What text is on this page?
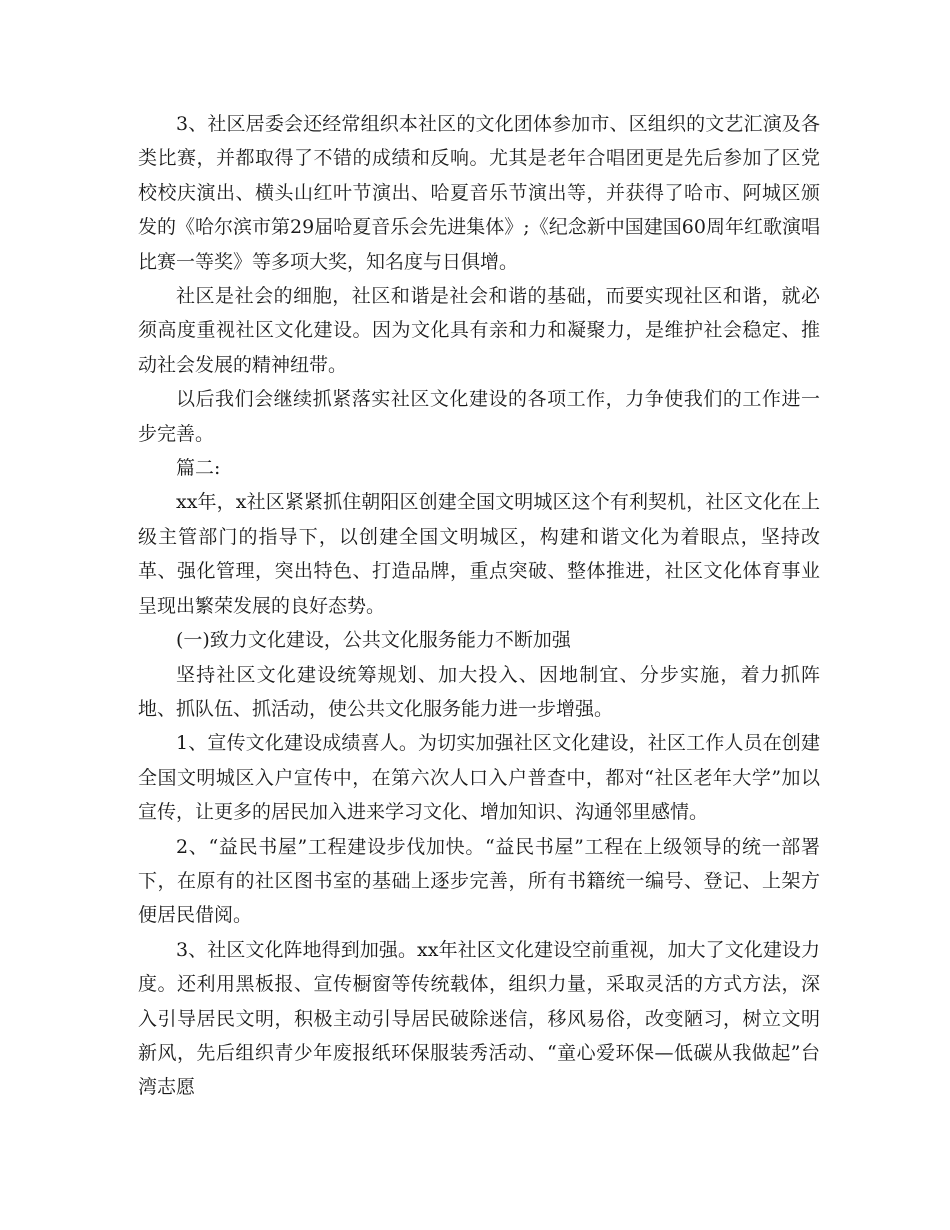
3、社区居委会还经常组织本社区的文化团体参加市、区组织的文艺汇演及各类比赛，并都取得了不错的成绩和反响。尤其是老年合唱团更是先后参加了区党校校庆演出、横头山红叶节演出、哈夏音乐节演出等，并获得了哈市、阿城区颁发的《哈尔滨市第29届哈夏音乐会先进集体》;《纪念新中国建国60周年红歌演唱比赛一等奖》等多项大奖，知名度与日俱增。

社区是社会的细胞，社区和谐是社会和谐的基础，而要实现社区和谐，就必须高度重视社区文化建设。因为文化具有亲和力和凝聚力，是维护社会稳定、推动社会发展的精神纽带。

以后我们会继续抓紧落实社区文化建设的各项工作，力争使我们的工作进一步完善。

篇二:

xx年，x社区紧紧抓住朝阳区创建全国文明城区这个有利契机，社区文化在上级主管部门的指导下，以创建全国文明城区，构建和谐文化为着眼点，坚持改革、强化管理，突出特色、打造品牌，重点突破、整体推进，社区文化体育事业呈现出繁荣发展的良好态势。

(一)致力文化建设，公共文化服务能力不断加强

坚持社区文化建设统筹规划、加大投入、因地制宜、分步实施，着力抓阵地、抓队伍、抓活动，使公共文化服务能力进一步增强。

1、宣传文化建设成绩喜人。为切实加强社区文化建设，社区工作人员在创建全国文明城区入户宣传中，在第六次人口入户普查中，都对“社区老年大学”加以宣传，让更多的居民加入进来学习文化、增加知识、沟通邻里感情。

2、“益民书屋”工程建设步伐加快。“益民书屋”工程在上级领导的统一部署下，在原有的社区图书室的基础上逐步完善，所有书籍统一编号、登记、上架方便居民借阅。

3、社区文化阵地得到加强。xx年社区文化建设空前重视，加大了文化建设力度。还利用黑板报、宣传橱窗等传统载体，组织力量，采取灵活的方式方法，深入引导居民文明，积极主动引导居民破除迷信，移风易俗，改变陋习，树立文明新风，先后组织青少年废报纸环保服装秀活动、“童心爱环保—低碳从我做起”台湾志愿
